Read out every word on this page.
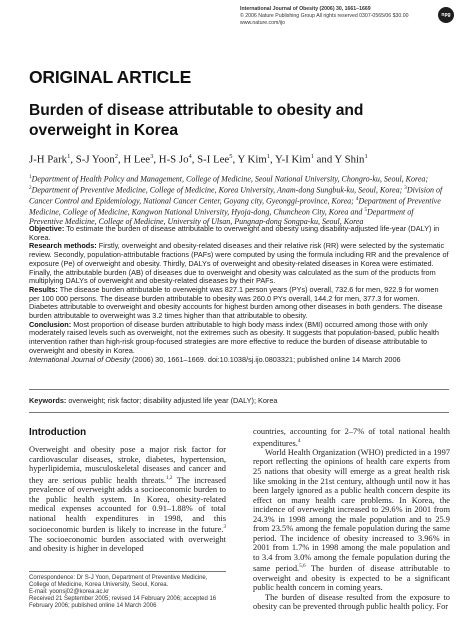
International Journal of Obesity (2006) 30, 1661–1669
© 2006 Nature Publishing Group All rights reserved 0307-0565/06 $30.00
www.nature.com/ijo
npg
ORIGINAL ARTICLE
Burden of disease attributable to obesity and overweight in Korea
J-H Park$^1$, S-J Yoon$^2$, H Lee$^3$, H-S Jo$^4$, S-I Lee$^5$, Y Kim$^1$, Y-I Kim$^1$ and Y Shin$^1$
$^1$Department of Health Policy and Management, College of Medicine, Seoul National University, Chongro-ku, Seoul, Korea; $^2$Department of Preventive Medicine, College of Medicine, Korea University, Anam-dong Sungbuk-ku, Seoul, Korea; $^3$Division of Cancer Control and Epidemiology, National Cancer Center, Goyang city, Gyeonggi-province, Korea; $^4$Department of Preventive Medicine, College of Medicine, Kangwon National University, Hyoja-dong, Chuncheon City, Korea and $^5$Department of Preventive Medicine, College of Medicine, University of Ulsan, Pungnap-dong Songpa-ku, Seoul, Korea

Objective: To estimate the burden of disease attributable to overweight and obesity using disability-adjusted life-year (DALY) in Korea.

Research methods: Firstly, overweight and obesity-related diseases and their relative risk (RR) were selected by the systematic review. Secondly, population-attributable fractions (PAFs) were computed by using the formula including RR and the prevalence of exposure (Pe) of overweight and obesity. Thirdly, DALYs of overweight and obesity-related diseases in Korea were estimated. Finally, the attributable burden (AB) of diseases due to overweight and obesity was calculated as the sum of the products from multiplying DALYs of overweight and obesity-related diseases by their PAFs.

Results: The disease burden attributable to overweight was 827.1 person years (PYs) overall, 732.6 for men, 922.9 for women per 100 000 persons. The disease burden attributable to obesity was 260.0 PYs overall, 144.2 for men, 377.3 for women. Diabetes attributable to overweight and obesity accounts for highest burden among other diseases in both genders. The disease burden attributable to overweight was 3.2 times higher than that attributable to obesity.

Conclusion: Most proportion of disease burden attributable to high body mass index (BMI) occurred among those with only moderately raised levels such as overweight, not the extremes such as obesity. It suggests that population-based, public health intervention rather than high-risk group-focused strategies are more effective to reduce the burden of disease attributable to overweight and obesity in Korea.

International Journal of Obesity (2006) 30, 1661–1669. doi:10.1038/sj.ijo.0803321; published online 14 March 2006

Keywords: overweight; risk factor; disability adjusted life year (DALY); Korea
Introduction

Overweight and obesity pose a major risk factor for cardiovascular diseases, stroke, diabetes, hypertension, hyperlipidemia, musculoskeletal diseases and cancer and they are serious public health threats.$^{1,2}$ The increased prevalence of overweight adds a socioeconomic burden to the public health system. In Korea, obesity-related medical expenses accounted for 0.91–1.88% of total national health expenditures in 1998, and this socioeconomic burden is likely to increase in the future.$^3$ The socioeconomic burden associated with overweight and obesity is higher in developed

countries, accounting for 2–7% of total national health expenditures.$^4$

World Health Organization (WHO) predicted in a 1997 report reflecting the opinions of health care experts from 25 nations that obesity will emerge as a great health risk like smoking in the 21st century, although until now it has been largely ignored as a public health concern despite its effect on many health care problems. In Korea, the incidence of overweight increased to 29.6% in 2001 from 24.3% in 1998 among the male population and to 25.9 from 23.5% among the female population during the same period. The incidence of obesity increased to 3.96% in 2001 from 1.7% in 1998 among the male population and to 3.4 from 3.0% among the female population during the same period.$^{5,6}$ The burden of disease attributable to overweight and obesity is expected to be a significant public health concern in coming years.

The burden of disease resulted from the exposure to obesity can be prevented through public health policy. For

Correspondence: Dr S-J Yoon, Department of Preventive Medicine, College of Medicine, Korea University, Seoul, Korea.

E-mail: yoonsj02@korea.ac.kr

Received 21 September 2005; revised 14 February 2006; accepted 16 February 2006; published online 14 March 2006
